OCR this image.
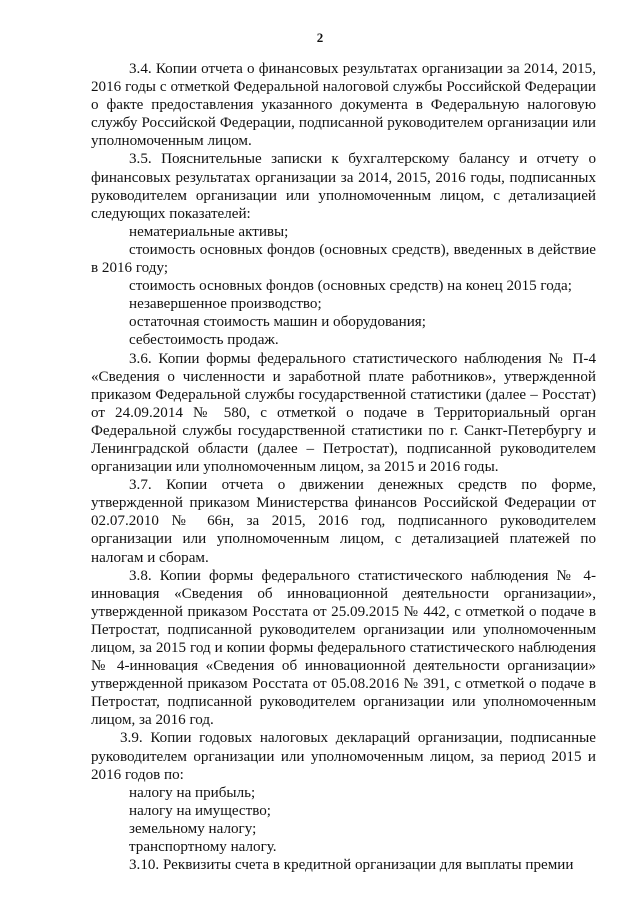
2

3.4. Копии отчета о финансовых результатах организации за 2014, 2015, 2016 годы с отметкой Федеральной налоговой службы Российской Федерации о факте предоставления указанного документа в Федеральную налоговую службу Российской Федерации, подписанной руководителем организации или уполномоченным лицом.

3.5. Пояснительные записки к бухгалтерскому балансу и отчету о финансовых результатах организации за 2014, 2015, 2016 годы, подписанных руководителем организации или уполномоченным лицом, с детализацией следующих показателей:

нематериальные активы;

стоимость основных фондов (основных средств), введенных в действие в 2016 году;

стоимость основных фондов (основных средств) на конец 2015 года;

незавершенное производство;

остаточная стоимость машин и оборудования;

себестоимость продаж.

3.6. Копии формы федерального статистического наблюдения № П-4 «Сведения о численности и заработной плате работников», утвержденной приказом Федеральной службы государственной статистики (далее – Росстат) от 24.09.2014 № 580, с отметкой о подаче в Территориальный орган Федеральной службы государственной статистики по г. Санкт-Петербургу и Ленинградской области (далее – Петростат), подписанной руководителем организации или уполномоченным лицом, за 2015 и 2016 годы.

3.7. Копии отчета о движении денежных средств по форме, утвержденной приказом Министерства финансов Российской Федерации от 02.07.2010 № 66н, за 2015, 2016 год, подписанного руководителем организации или уполномоченным лицом, с детализацией платежей по налогам и сборам.

3.8. Копии формы федерального статистического наблюдения № 4-инновация «Сведения об инновационной деятельности организации», утвержденной приказом Росстата от 25.09.2015 № 442, с отметкой о подаче в Петростат, подписанной руководителем организации или уполномоченным лицом, за 2015 год и копии формы федерального статистического наблюдения № 4-инновация «Сведения об инновационной деятельности организации» утвержденной приказом Росстата от 05.08.2016 № 391, с отметкой о подаче в Петростат, подписанной руководителем организации или уполномоченным лицом, за 2016 год.

3.9. Копии годовых налоговых деклараций организации, подписанные руководителем организации или уполномоченным лицом, за период 2015 и 2016 годов по:

налогу на прибыль;

налогу на имущество;

земельному налогу;

транспортному налогу.

3.10. Реквизиты счета в кредитной организации для выплаты премии
